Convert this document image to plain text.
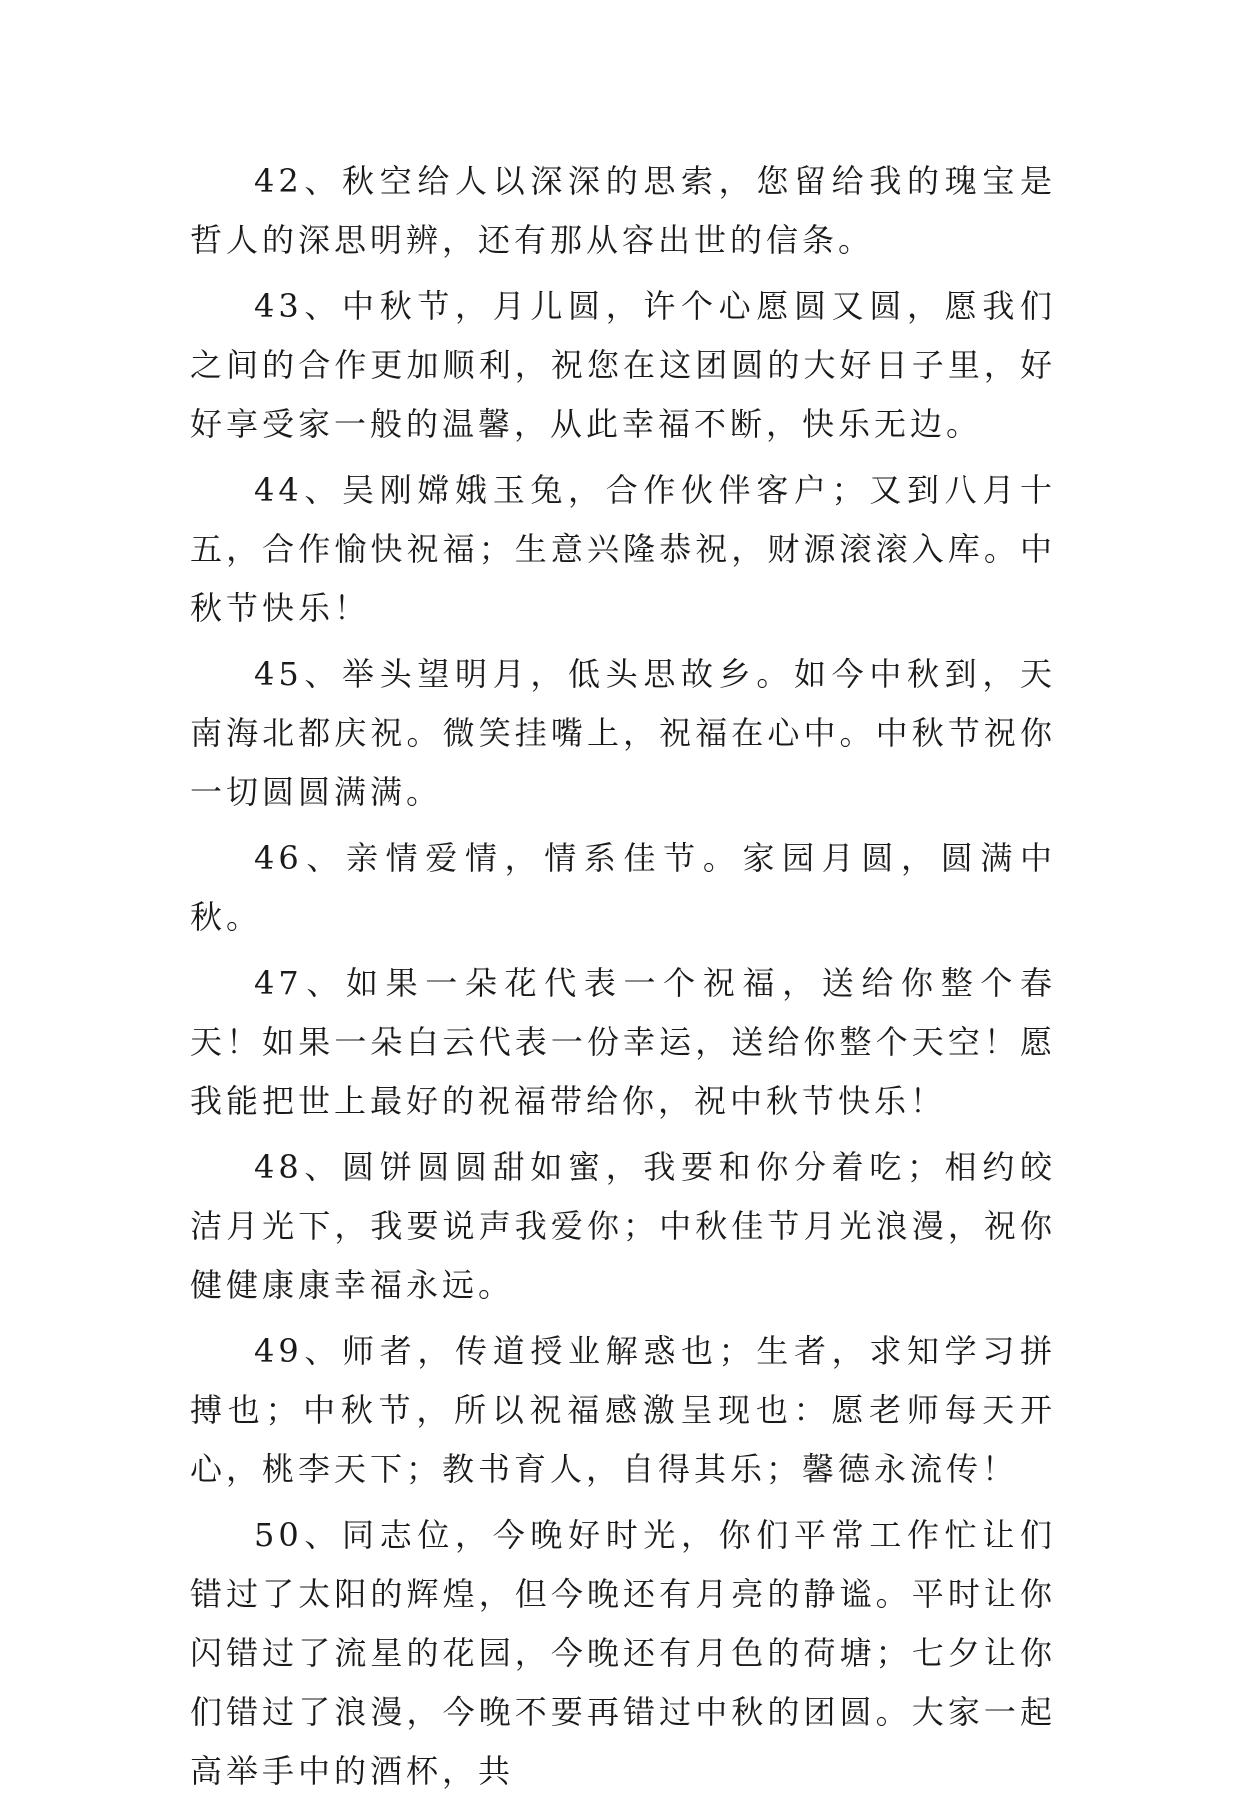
42、秋空给人以深深的思索，您留给我的瑰宝是哲人的深思明辨，还有那从容出世的信条。

43、中秋节，月儿圆，许个心愿圆又圆，愿我们之间的合作更加顺利，祝您在这团圆的大好日子里，好好享受家一般的温馨，从此幸福不断，快乐无边。

44、吴刚嫦娥玉兔，合作伙伴客户；又到八月十五，合作愉快祝福；生意兴隆恭祝，财源滚滚入库。中秋节快乐！

45、举头望明月，低头思故乡。如今中秋到，天南海北都庆祝。微笑挂嘴上，祝福在心中。中秋节祝你一切圆圆满满。

46、亲情爱情，情系佳节。家园月圆，圆满中秋。

47、如果一朵花代表一个祝福，送给你整个春天！如果一朵白云代表一份幸运，送给你整个天空！愿我能把世上最好的祝福带给你，祝中秋节快乐！

48、圆饼圆圆甜如蜜，我要和你分着吃；相约皎洁月光下，我要说声我爱你；中秋佳节月光浪漫，祝你健健康康幸福永远。

49、师者，传道授业解惑也；生者，求知学习拼搏也；中秋节，所以祝福感激呈现也：愿老师每天开心，桃李天下；教书育人，自得其乐；馨德永流传！

50、同志位，今晚好时光，你们平常工作忙让们错过了太阳的辉煌，但今晚还有月亮的静谧。平时让你闪错过了流星的花园，今晚还有月色的荷塘；七夕让你们错过了浪漫，今晚不要再错过中秋的团圆。大家一起高举手中的酒杯，共
